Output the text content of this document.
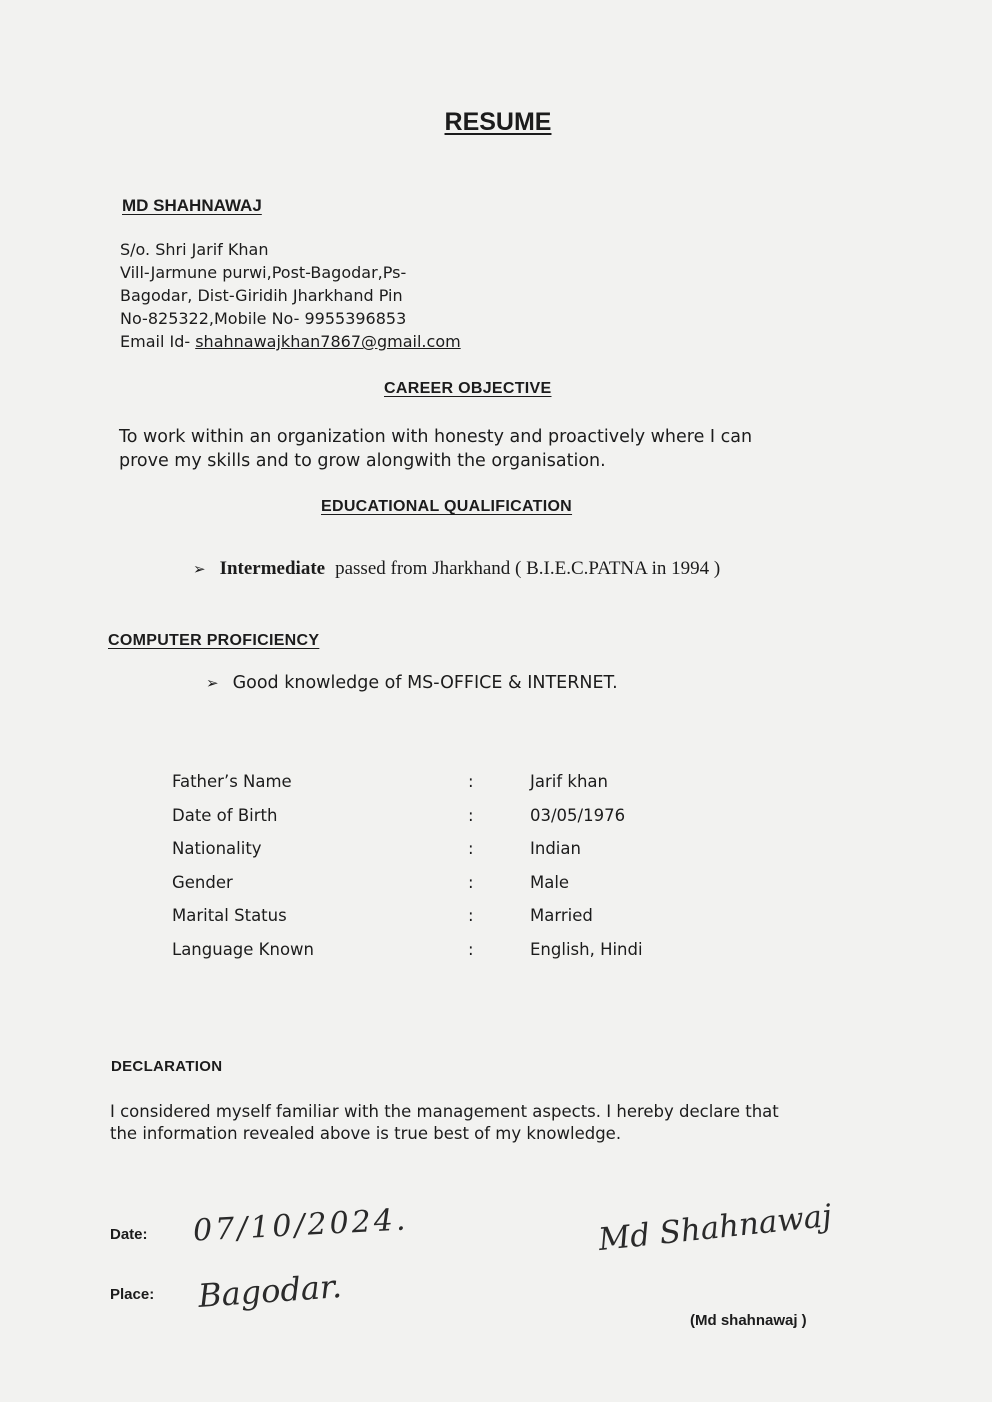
RESUME
MD SHAHNAWAJ
S/o. Shri Jarif Khan
Vill-Jarmune purwi,Post-Bagodar,Ps-
Bagodar, Dist-Giridih Jharkhand Pin
No-825322,Mobile No- 9955396853
Email Id- shahnawajkhan7867@gmail.com
CAREER OBJECTIVE
To work within an organization with honesty and proactively where I can
prove my skills and to grow alongwith the organisation.
EDUCATIONAL QUALIFICATION
➢ Intermediate passed from Jharkhand ( B.I.E.C.PATNA in 1994 )
COMPUTER PROFICIENCY
➢ Good knowledge of MS-OFFICE & INTERNET.
Father’s Name	:	Jarif khan
Date of Birth	:	03/05/1976
Nationality	:	Indian
Gender	:	Male
Marital Status	:	Married
Language Known	:	English, Hindi
DECLARATION
I considered myself familiar with the management aspects. I hereby declare that
the information revealed above is true best of my knowledge.
Date: 07/10/2024.
Place: Bagodar.
Md Shahnawaj
(Md shahnawaj )
